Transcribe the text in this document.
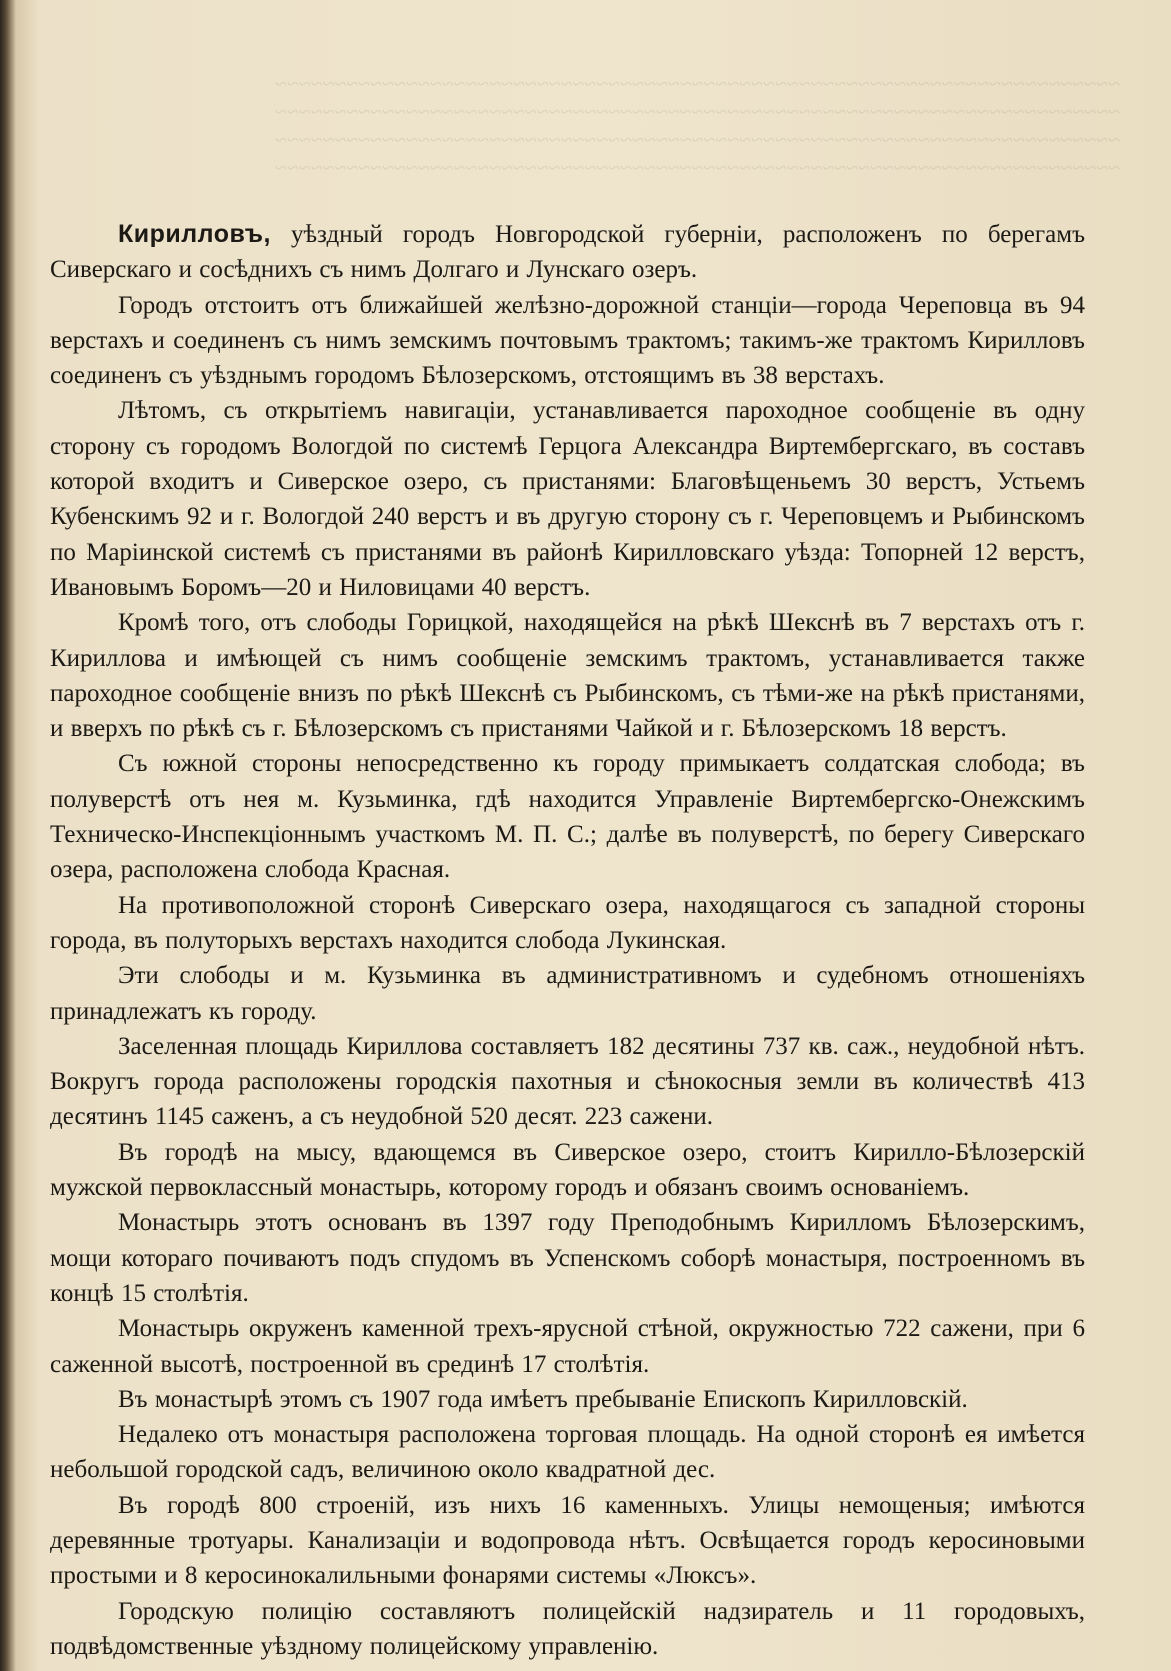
~~~~~~~~~~~~~~~~~~~~~~~~~~~~~~~~~~~~~~~~~~~~~~~~~~~~~~~~~~~~~~~~~~~~~~~
~~~~~~~~~~~~~~~~~~~~~~~~~~~~~~~~~~~~~~~~~~~~~~~~~~~~~~~~~~~~~~~~~~~~~~~
~~~~~~~~~~~~~~~~~~~~~~~~~~~~~~~~~~~~~~~~~~~~~~~~~~~~~~~~~~~~~~~~~~~~~~~
~~~~~~~~~~~~~~~~~~~~~~~~~~~~~~~~~~~~~~~~~~~~~~~~~~~~~~~~~~~~~~~~~~~~~~~

Кирилловъ, уѣздный городъ Новгородской губерніи, расположенъ по берегамъ Сиверскаго и сосѣднихъ съ нимъ Долгаго и Лунскаго озеръ.

Городъ отстоитъ отъ ближайшей желѣзно-дорожной станціи—города Череповца въ 94 верстахъ и соединенъ съ нимъ земскимъ почтовымъ трактомъ; такимъ-же трактомъ Кирилловъ соединенъ съ уѣзднымъ городомъ Бѣлозерскомъ, отстоящимъ въ 38 верстахъ.

Лѣтомъ, съ открытіемъ навигаціи, устанавливается пароходное сообщеніе въ одну сторону съ городомъ Вологдой по системѣ Герцога Александра Виртембергскаго, въ составъ которой входитъ и Сиверское озеро, съ пристанями: Благовѣщеньемъ 30 верстъ, Устьемъ Кубенскимъ 92 и г. Вологдой 240 верстъ и въ другую сторону съ г. Череповцемъ и Рыбинскомъ по Маріинской системѣ съ пристанями въ районѣ Кирилловскаго уѣзда: Топорней 12 верстъ, Ивановымъ Боромъ—20 и Ниловицами 40 верстъ.

Кромѣ того, отъ слободы Горицкой, находящейся на рѣкѣ Шекснѣ въ 7 верстахъ отъ г. Кириллова и имѣющей съ нимъ сообщеніе земскимъ трактомъ, устанавливается также пароходное сообщеніе внизъ по рѣкѣ Шекснѣ съ Рыбинскомъ, съ тѣми-же на рѣкѣ пристанями, и вверхъ по рѣкѣ съ г. Бѣлозерскомъ съ пристанями Чайкой и г. Бѣлозерскомъ 18 верстъ.

Съ южной стороны непосредственно къ городу примыкаетъ солдатская слобода; въ полуверстѣ отъ нея м. Кузьминка, гдѣ находится Управленіе Виртембергско-Онежскимъ Техническо-Инспекціоннымъ участкомъ М. П. С.; далѣе въ полуверстѣ, по берегу Сиверскаго озера, расположена слобода Красная.

На противоположной сторонѣ Сиверскаго озера, находящагося съ западной стороны города, въ полуторыхъ верстахъ находится слобода Лукинская.

Эти слободы и м. Кузьминка въ административномъ и судебномъ отношеніяхъ принадлежатъ къ городу.

Заселенная площадь Кириллова составляетъ 182 десятины 737 кв. саж., неудобной нѣтъ. Вокругъ города расположены городскія пахотныя и сѣнокосныя земли въ количествѣ 413 десятинъ 1145 саженъ, а съ неудобной 520 десят. 223 сажени.

Въ городѣ на мысу, вдающемся въ Сиверское озеро, стоитъ Кирилло-Бѣлозерскій мужской первоклассный монастырь, которому городъ и обязанъ своимъ основаніемъ.

Монастырь этотъ основанъ въ 1397 году Преподобнымъ Кирилломъ Бѣлозерскимъ, мощи котораго почиваютъ подъ спудомъ въ Успенскомъ соборѣ монастыря, построенномъ въ концѣ 15 столѣтія.

Монастырь окруженъ каменной трехъ-ярусной стѣной, окружностью 722 сажени, при 6 саженной высотѣ, построенной въ срединѣ 17 столѣтія.

Въ монастырѣ этомъ съ 1907 года имѣетъ пребываніе Епископъ Кирилловскій.

Недалеко отъ монастыря расположена торговая площадь. На одной сторонѣ ея имѣется небольшой городской садъ, величиною около квадратной дес.

Въ городѣ 800 строеній, изъ нихъ 16 каменныхъ. Улицы немощеныя; имѣются деревянные тротуары. Канализаціи и водопровода нѣтъ. Освѣщается городъ керосиновыми простыми и 8 керосинокалильными фонарями системы «Люксъ».

Городскую полицію составляютъ полицейскій надзиратель и 11 городовыхъ, подвѣдомственные уѣздному полицейскому управленію.
